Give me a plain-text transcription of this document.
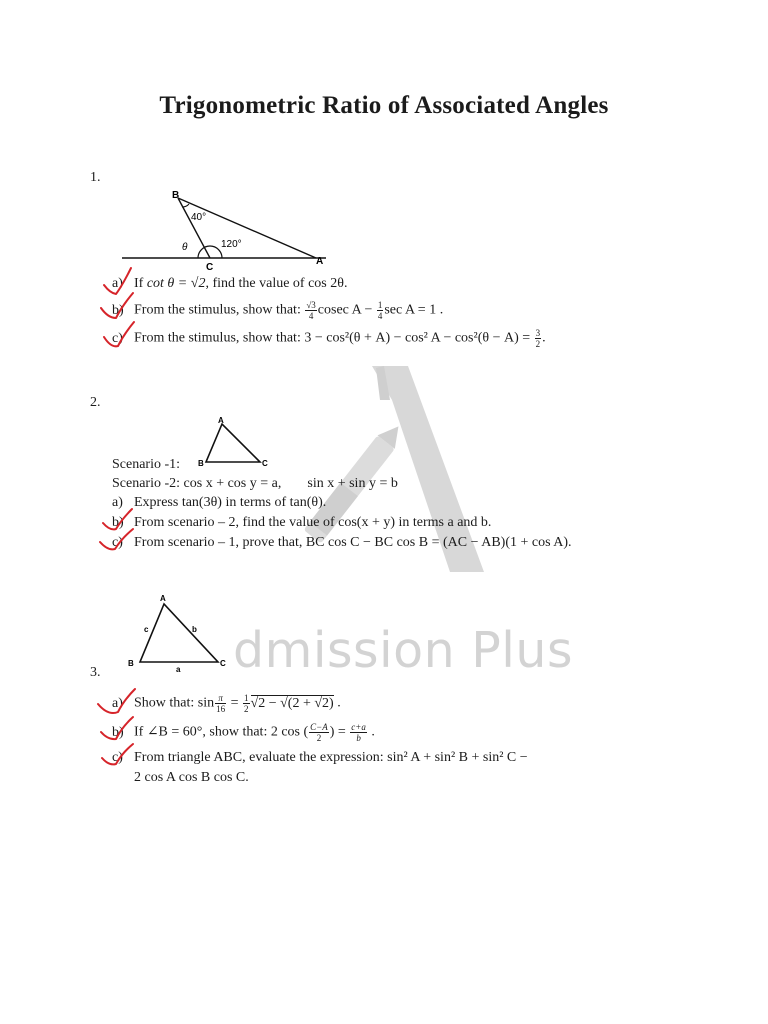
dmission Plus
Trigonometric Ratio of Associated Angles
1.
B
C
A
40°
120°
θ
a) If cot θ = √2, find the value of cos 2θ.
b) From the stimulus, show that: $\frac{√3}{4}$ cosec $A - \frac{1}{4}$ sec A = 1 .
c) From the stimulus, show that: 3 − cos²(θ + A) − cos² $A - \cos^2(\theta - A) = \frac{3}{2}$ .
2.
A
B	C
Scenario -1:
Scenario -2: cos x + cos y = a, sin x + sin y = b
a) Express tan(3θ) in terms of tan(θ).
b) From scenario – 2, find the value of cos(x + y) in terms a and b.
c) From scenario – 1, prove that, BC cos C − BC cos B = (AC − AB)(1 + cos A).
A
B	C
c	b
a
3.
a) Show that: $\sin \frac{\pi}{16} = \frac{1}{2} √2 - √(2 + √2)$ .
b) If ∠B = 60°, show that: 2 cos ( $\frac{C-A}{2}$ ) = $\frac{c+a}{b}$ .
c) From triangle ABC, evaluate the expression: sin² A + sin² B + sin² C −
2 cos A cos B cos C.
